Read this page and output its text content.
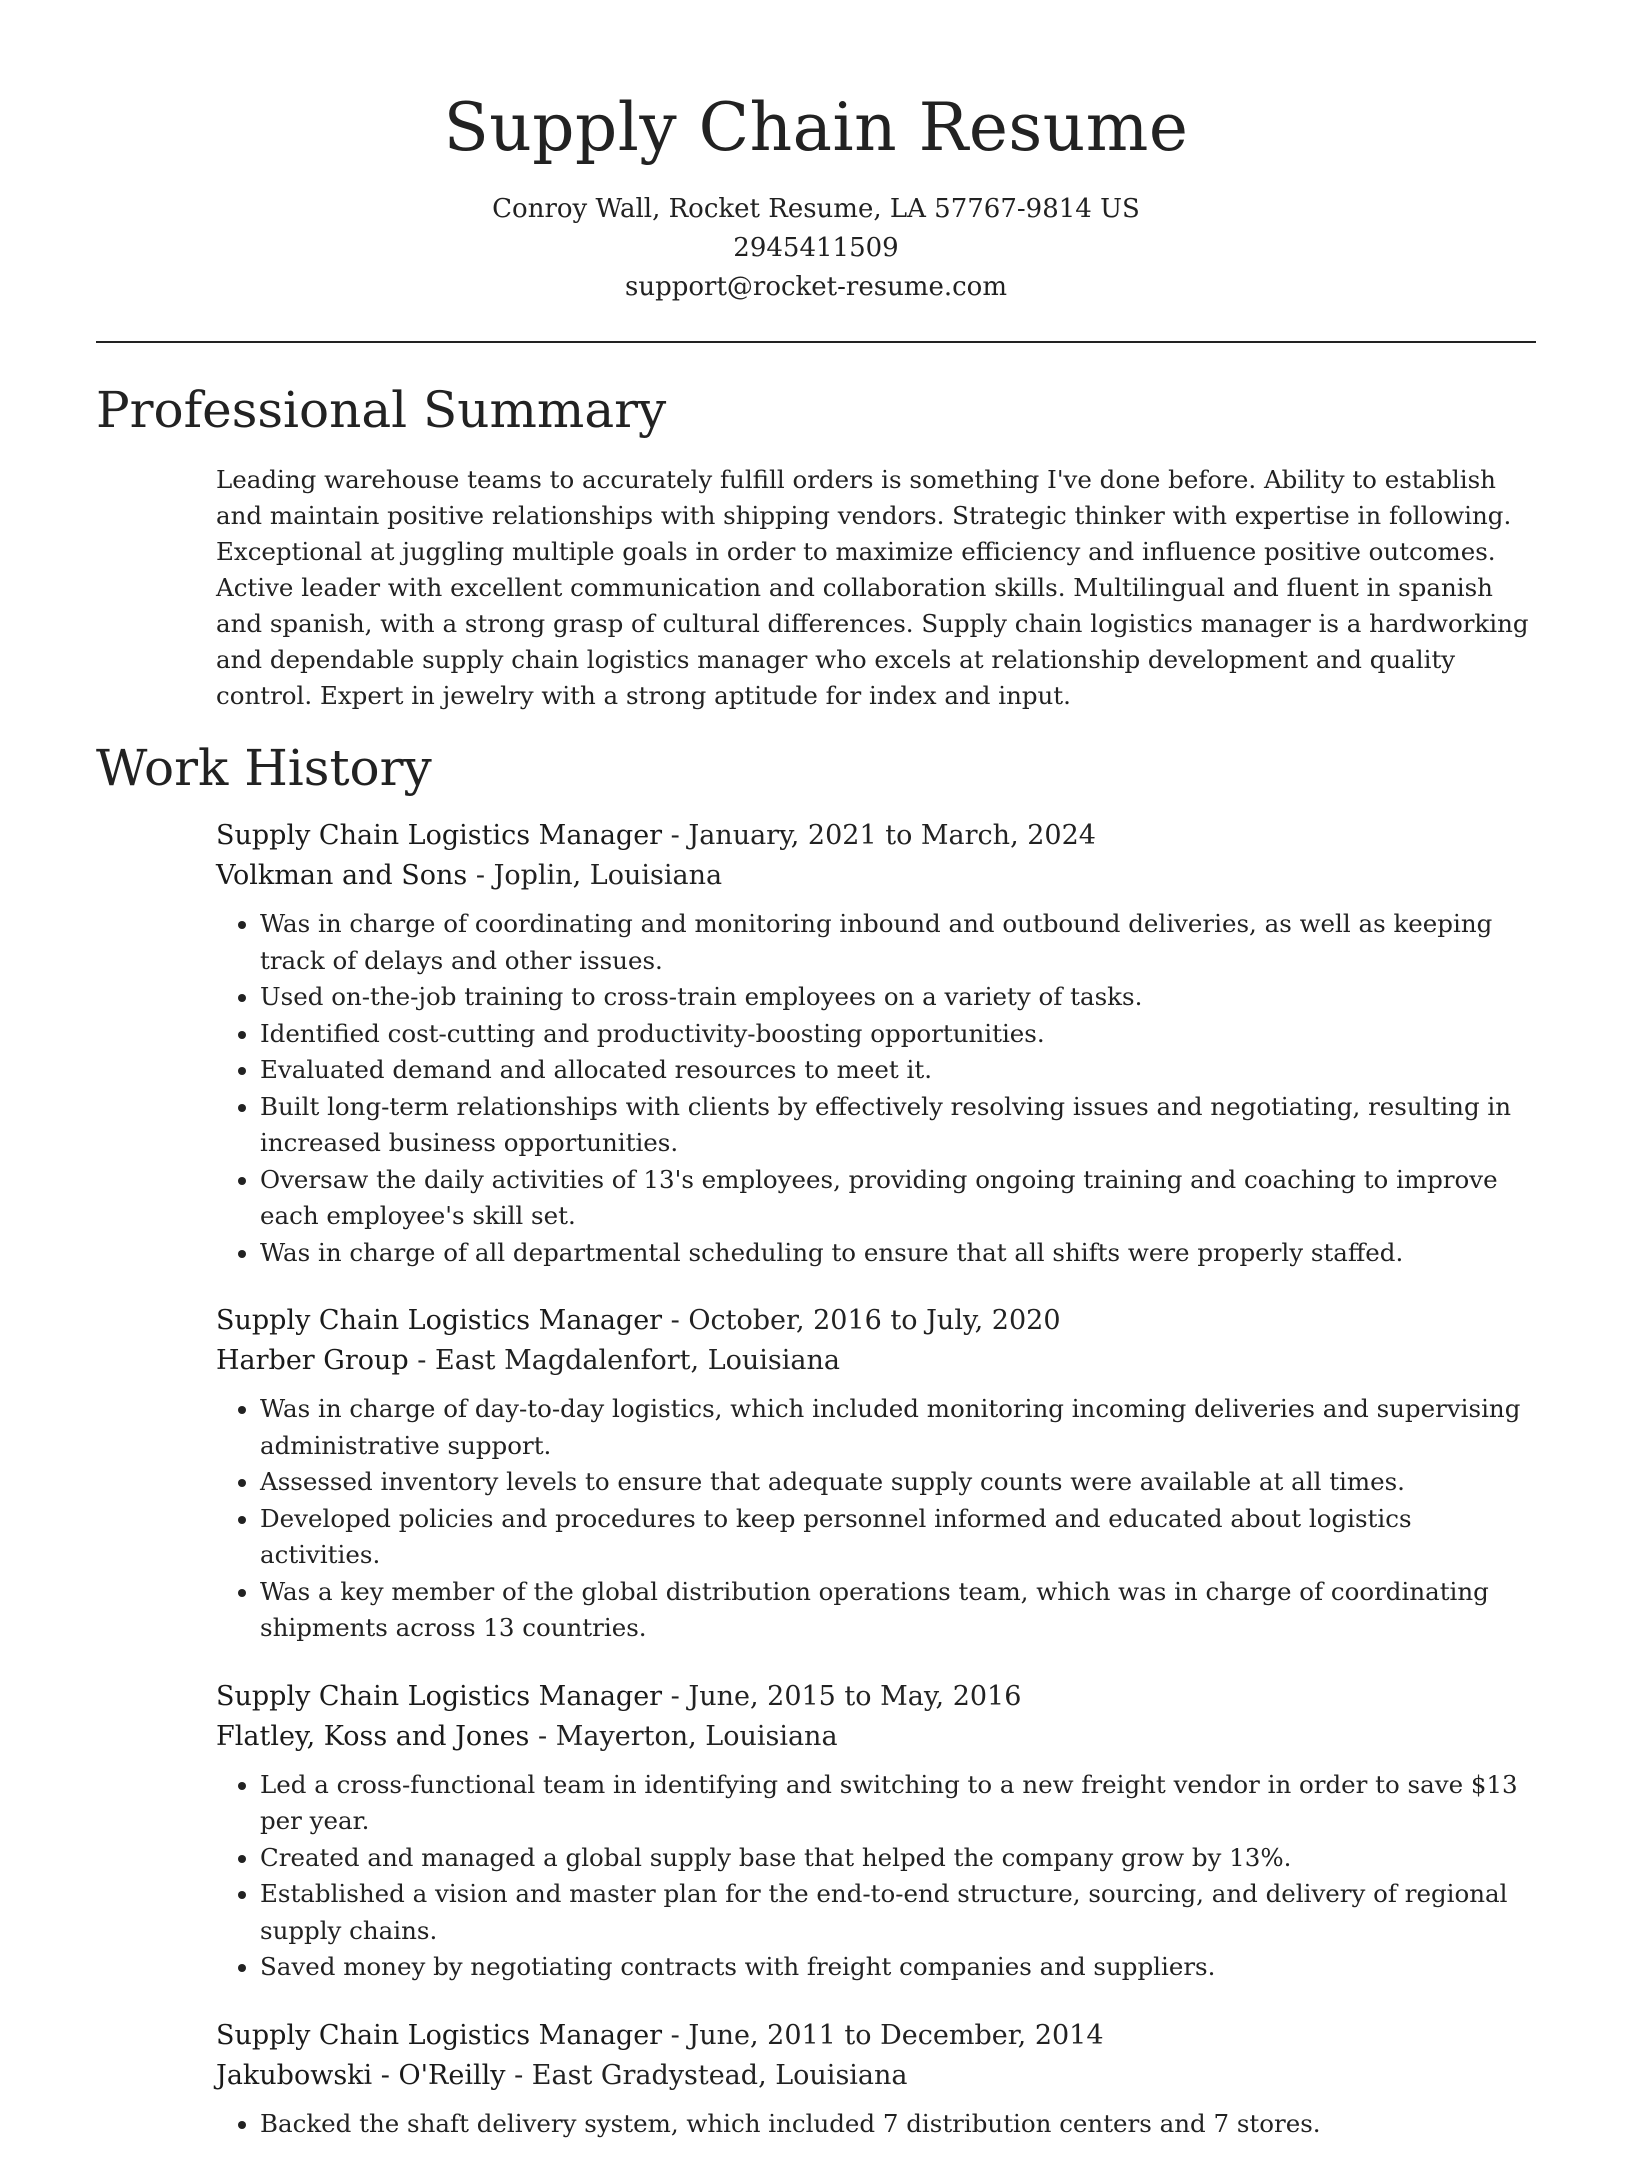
Supply Chain Resume
Conroy Wall, Rocket Resume, LA 57767-9814 US
2945411509
support@rocket-resume.com
Professional Summary

Leading warehouse teams to accurately fulfill orders is something I've done before. Ability to establish and maintain positive relationships with shipping vendors. Strategic thinker with expertise in following. Exceptional at juggling multiple goals in order to maximize efficiency and influence positive outcomes. Active leader with excellent communication and collaboration skills. Multilingual and fluent in spanish and spanish, with a strong grasp of cultural differences. Supply chain logistics manager is a hardworking and dependable supply chain logistics manager who excels at relationship development and quality control. Expert in jewelry with a strong aptitude for index and input.

Work History

Supply Chain Logistics Manager - January, 2021 to March, 2024

Volkman and Sons - Joplin, Louisiana

• Was in charge of coordinating and monitoring inbound and outbound deliveries, as well as keeping track of delays and other issues.
• Used on-the-job training to cross-train employees on a variety of tasks.
• Identified cost-cutting and productivity-boosting opportunities.
• Evaluated demand and allocated resources to meet it.
• Built long-term relationships with clients by effectively resolving issues and negotiating, resulting in increased business opportunities.
• Oversaw the daily activities of 13's employees, providing ongoing training and coaching to improve each employee's skill set.
• Was in charge of all departmental scheduling to ensure that all shifts were properly staffed.

Supply Chain Logistics Manager - October, 2016 to July, 2020

Harber Group - East Magdalenfort, Louisiana

• Was in charge of day-to-day logistics, which included monitoring incoming deliveries and supervising administrative support.
• Assessed inventory levels to ensure that adequate supply counts were available at all times.
• Developed policies and procedures to keep personnel informed and educated about logistics activities.
• Was a key member of the global distribution operations team, which was in charge of coordinating shipments across 13 countries.

Supply Chain Logistics Manager - June, 2015 to May, 2016

Flatley, Koss and Jones - Mayerton, Louisiana

• Led a cross-functional team in identifying and switching to a new freight vendor in order to save $13 per year.
• Created and managed a global supply base that helped the company grow by 13%.
• Established a vision and master plan for the end-to-end structure, sourcing, and delivery of regional supply chains.
• Saved money by negotiating contracts with freight companies and suppliers.

Supply Chain Logistics Manager - June, 2011 to December, 2014

Jakubowski - O'Reilly - East Gradystead, Louisiana

• Backed the shaft delivery system, which included 7 distribution centers and 7 stores.
